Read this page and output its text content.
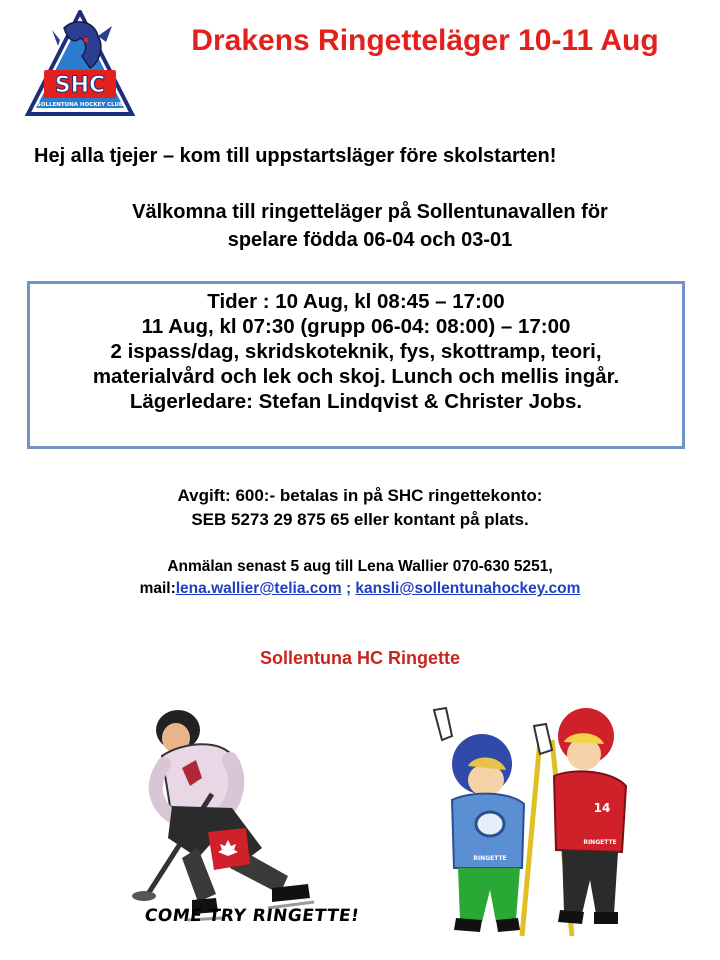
SHC
SOLLENTUNA HOCKEY CLUB
Drakens Ringetteläger 10-11 Aug
Hej alla tjejer – kom till uppstartsläger före skolstarten!
Välkomna till ringetteläger på Sollentunavallen för
spelare födda 06-04 och 03-01
Tider : 10 Aug, kl 08:45 – 17:00
11 Aug, kl 07:30 (grupp 06-04: 08:00) – 17:00
2 ispass/dag, skridskoteknik, fys, skottramp, teori,
materialvård och lek och skoj. Lunch och mellis ingår.
Lägerledare: Stefan Lindqvist & Christer Jobs.
Avgift: 600:- betalas in på SHC ringettekonto:
SEB 5273 29 875 65 eller kontant på plats.
Anmälan senast 5 aug till Lena Wallier 070-630 5251,
mail:lena.wallier@telia.com ; kansli@sollentunahockey.com
Sollentuna HC Ringette
COME TRY RINGETTE!
RINGETTE
14
RINGETTE
